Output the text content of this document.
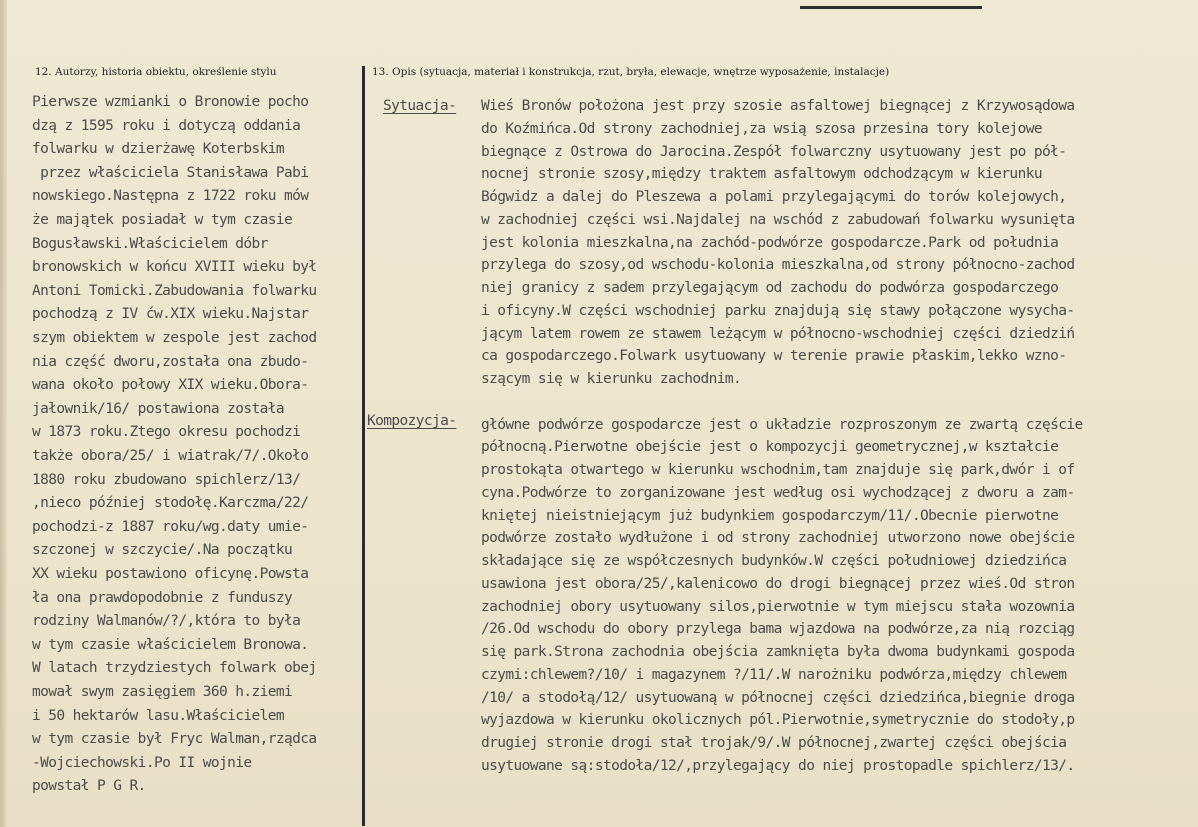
12. Autorzy, historia obiektu, określenie stylu	13. Opis (sytuacja, materiał i konstrukcja, rzut, bryła, elewacje, wnętrze wyposażenie, instalacje)
Pierwsze wzmianki o Bronowie pocho
dzą z 1595 roku i dotyczą oddania
folwarku w dzierżawę Koterbskim
przez właściciela Stanisława Pabi
nowskiego.Następna z 1722 roku mów
że majątek posiadał w tym czasie
Bogusławski.Właścicielem dóbr
bronowskich w końcu XVIII wieku był
Antoni Tomicki.Zabudowania folwarku
pochodzą z IV ćw.XIX wieku.Najstar
szym obiektem w zespole jest zachod
nia część dworu,została ona zbudo-
wana około połowy XIX wieku.Obora-
jałownik/16/ postawiona została
w 1873 roku.Ztego okresu pochodzi
także obora/25/ i wiatrak/7/.Około
1880 roku zbudowano spichlerz/13/
,nieco później stodołę.Karczma/22/
pochodzi-z 1887 roku/wg.daty umie-
szczonej w szczycie/.Na początku
XX wieku postawiono oficynę.Powsta
ła ona prawdopodobnie z funduszy
rodziny Walmanów/?/,która to była
w tym czasie właścicielem Bronowa.
W latach trzydziestych folwark obej
mował swym zasięgiem 360 h.ziemi
i 50 hektarów lasu.Właścicielem
w tym czasie był Fryc Walman,rządca
-Wojciechowski.Po II wojnie
powstał P G R.
Sytuacja-
Kompozycja-
Wieś Bronów położona jest przy szosie asfaltowej biegnącej z Krzywosądowa
do Koźmińca.Od strony zachodniej,za wsią szosa przesina tory kolejowe
biegnące z Ostrowa do Jarocina.Zespół folwarczny usytuowany jest po pół-
nocnej stronie szosy,między traktem asfaltowym odchodzącym w kierunku
Bógwidz a dalej do Pleszewa a polami przylegającymi do torów kolejowych,
w zachodniej części wsi.Najdalej na wschód z zabudowań folwarku wysunięta
jest kolonia mieszkalna,na zachód-podwórze gospodarcze.Park od południa
przylega do szosy,od wschodu-kolonia mieszkalna,od strony północno-zachod
niej granicy z sadem przylegającym od zachodu do podwórza gospodarczego
i oficyny.W części wschodniej parku znajdują się stawy połączone wysycha-
jącym latem rowem ze stawem leżącym w północno-wschodniej części dziedziń
ca gospodarczego.Folwark usytuowany w terenie prawie płaskim,lekko wzno-
szącym się w kierunku zachodnim.
główne podwórze gospodarcze jest o układzie rozproszonym ze zwartą częście
północną.Pierwotne obejście jest o kompozycji geometrycznej,w kształcie
prostokąta otwartego w kierunku wschodnim,tam znajduje się park,dwór i of
cyna.Podwórze to zorganizowane jest według osi wychodzącej z dworu a zam-
kniętej nieistniejącym już budynkiem gospodarczym/11/.Obecnie pierwotne
podwórze zostało wydłużone i od strony zachodniej utworzono nowe obejście
składające się ze współczesnych budynków.W części południowej dziedzińca
usawiona jest obora/25/,kalenicowo do drogi biegnącej przez wieś.Od stron
zachodniej obory usytuowany silos,pierwotnie w tym miejscu stała wozownia
/26.Od wschodu do obory przylega bama wjazdowa na podwórze,za nią rozciąg
się park.Strona zachodnia obejścia zamknięta była dwoma budynkami gospoda
czymi:chlewem?/10/ i magazynem ?/11/.W narożniku podwórza,między chlewem
/10/ a stodołą/12/ usytuowaną w północnej części dziedzińca,biegnie droga
wyjazdowa w kierunku okolicznych pól.Pierwotnie,symetrycznie do stodoły,p
drugiej stronie drogi stał trojak/9/.W północnej,zwartej części obejścia
usytuowane są:stodoła/12/,przylegający do niej prostopadle spichlerz/13/.
